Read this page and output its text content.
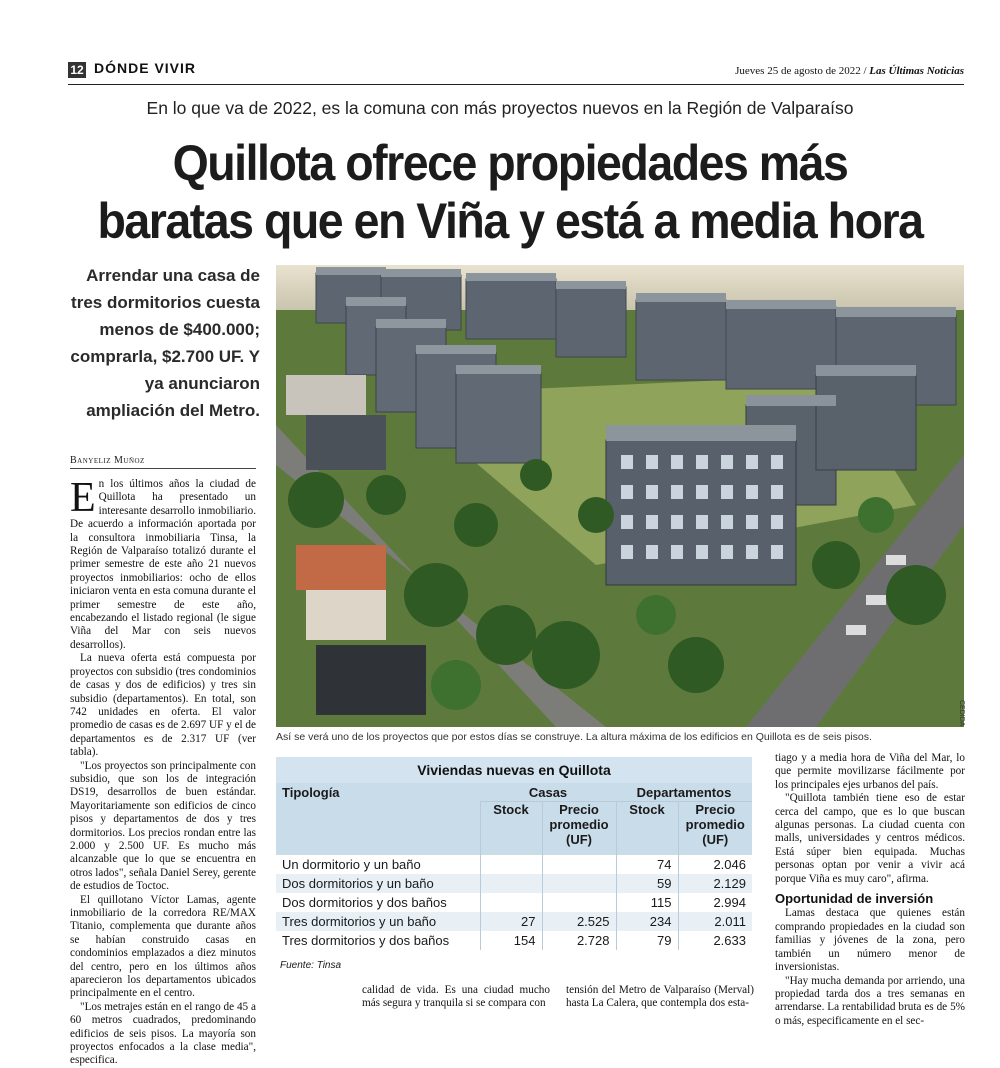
12 DÓNDE VIVIR	Jueves 25 de agosto de 2022 / Las Últimas Noticias
En lo que va de 2022, es la comuna con más proyectos nuevos en la Región de Valparaíso
Quillota ofrece propiedades más
baratas que en Viña y está a media hora
Arrendar una casa de tres dormitorios cuesta menos de $400.000; comprarla, $2.700 UF. Y ya anunciaron ampliación del Metro.
Banyeliz Muñoz

En los últimos años la ciudad de Quillota ha presentado un interesante desarrollo inmobiliario. De acuerdo a información aportada por la consultora inmobiliaria Tinsa, la Región de Valparaíso totalizó durante el primer semestre de este año 21 nuevos proyectos inmobiliarios: ocho de ellos iniciaron venta en esta comuna durante el primer semestre de este año, encabezando el listado regional (le sigue Viña del Mar con seis nuevos desarrollos).

La nueva oferta está compuesta por proyectos con subsidio (tres condominios de casas y dos de edificios) y tres sin subsidio (departamentos). En total, son 742 unidades en oferta. El valor promedio de casas es de 2.697 UF y el de departamentos es de 2.317 UF (ver tabla).

"Los proyectos son principalmente con subsidio, que son los de integración DS19, desarrollos de buen estándar. Mayoritariamente son edificios de cinco pisos y departamentos de dos y tres dormitorios. Los precios rondan entre las 2.000 y 2.500 UF. Es mucho más alcanzable que lo que se encuentra en otros lados", señala Daniel Serey, gerente de estudios de Toctoc.

El quillotano Víctor Lamas, agente inmobiliario de la corredora RE/MAX Titanio, complementa que durante años se habían construido casas en condominios emplazados a diez minutos del centro, pero en los últimos años aparecieron los departamentos ubicados principalmente en el centro.

"Los metrajes están en el rango de 45 a 60 metros cuadrados, predominando edificios de seis pisos. La mayoría son proyectos enfocados a la clase media", especifica.

CEDIDA
Así se verá uno de los proyectos que por estos días se construye. La altura máxima de los edificios en Quillota es de seis pisos.
Viviendas nuevas en Quillota
Tipología	Casas		Departamentos	
	Stock	Precio promedio (UF)	Stock	Precio promedio (UF)
Un dormitorio y un baño			74	2.046
Dos dormitorios y un baño			59	2.129
Dos dormitorios y dos baños			115	2.994
Tres dormitorios y un baño	27	2.525	234	2.011
Tres dormitorios y dos baños	154	2.728	79	2.633
Fuente: Tinsa
calidad de vida. Es una ciudad mucho más segura y tranquila si se compara con
tensión del Metro de Valparaíso (Merval) hasta La Calera, que contempla dos esta-

tiago y a media hora de Viña del Mar, lo que permite movilizarse fácilmente por los principales ejes urbanos del país.

"Quillota también tiene eso de estar cerca del campo, que es lo que buscan algunas personas. La ciudad cuenta con malls, universidades y centros médicos. Está súper bien equipada. Muchas personas optan por venir a vivir acá porque Viña es muy caro", afirma.

Oportunidad de inversión

Lamas destaca que quienes están comprando propiedades en la ciudad son familias y jóvenes de la zona, pero también un número menor de inversionistas.

"Hay mucha demanda por arriendo, una propiedad tarda dos a tres semanas en arrendarse. La rentabilidad bruta es de 5% o más, especificamente en el sec-
